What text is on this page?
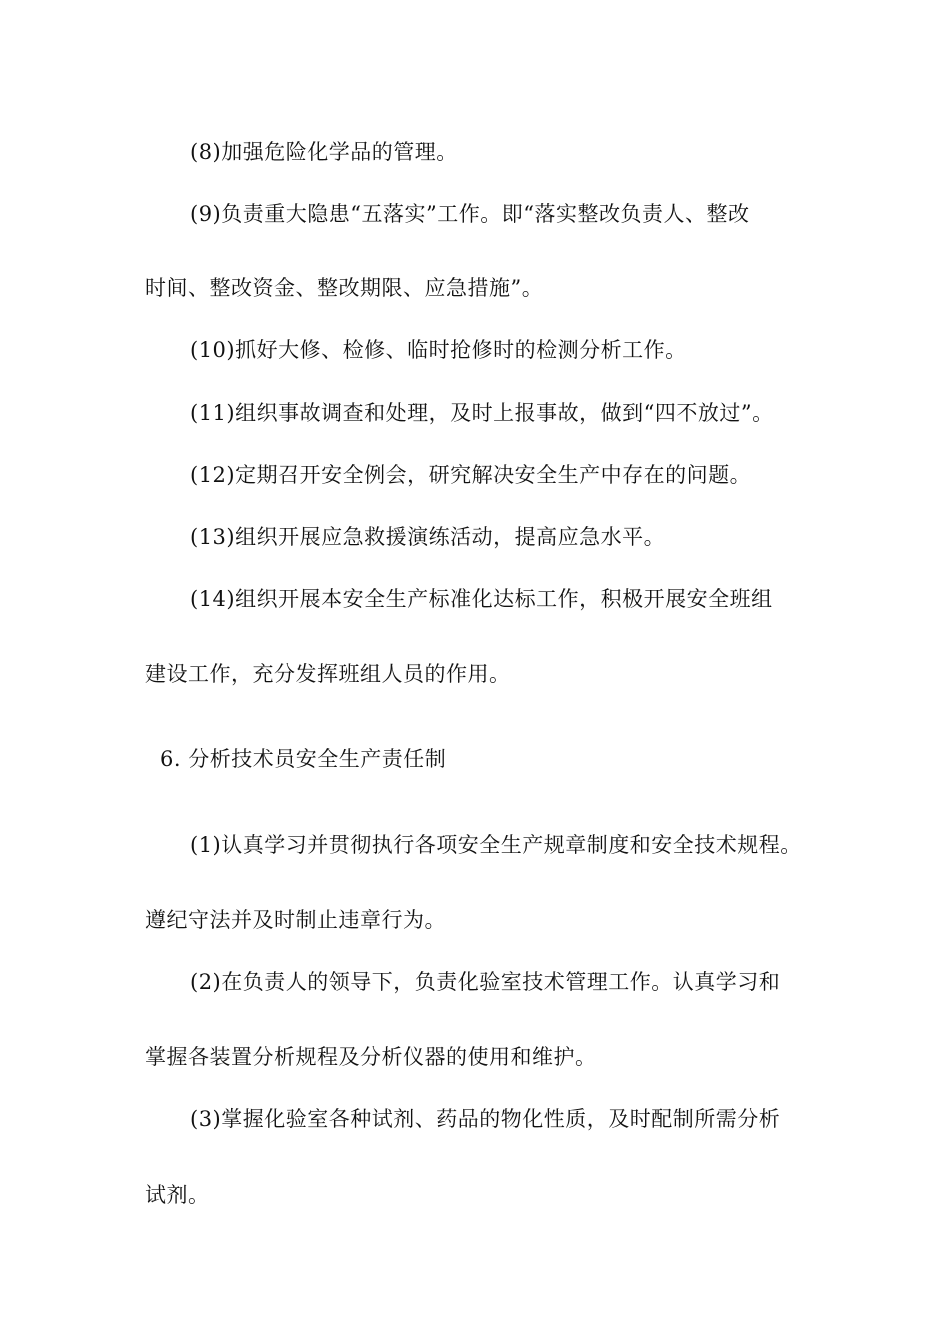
(8)加强危险化学品的管理。
(9)负责重大隐患“五落实”工作。即“落实整改负责人、整改
时间、整改资金、整改期限、应急措施”。
(10)抓好大修、检修、临时抢修时的检测分析工作。
(11)组织事故调查和处理，及时上报事故，做到“四不放过”。
(12)定期召开安全例会，研究解决安全生产中存在的问题。
(13)组织开展应急救援演练活动，提高应急水平。
(14)组织开展本安全生产标准化达标工作，积极开展安全班组
建设工作，充分发挥班组人员的作用。
6. 分析技术员安全生产责任制
(1)认真学习并贯彻执行各项安全生产规章制度和安全技术规程。
遵纪守法并及时制止违章行为。
(2)在负责人的领导下，负责化验室技术管理工作。认真学习和
掌握各装置分析规程及分析仪器的使用和维护。
(3)掌握化验室各种试剂、药品的物化性质，及时配制所需分析
试剂。
